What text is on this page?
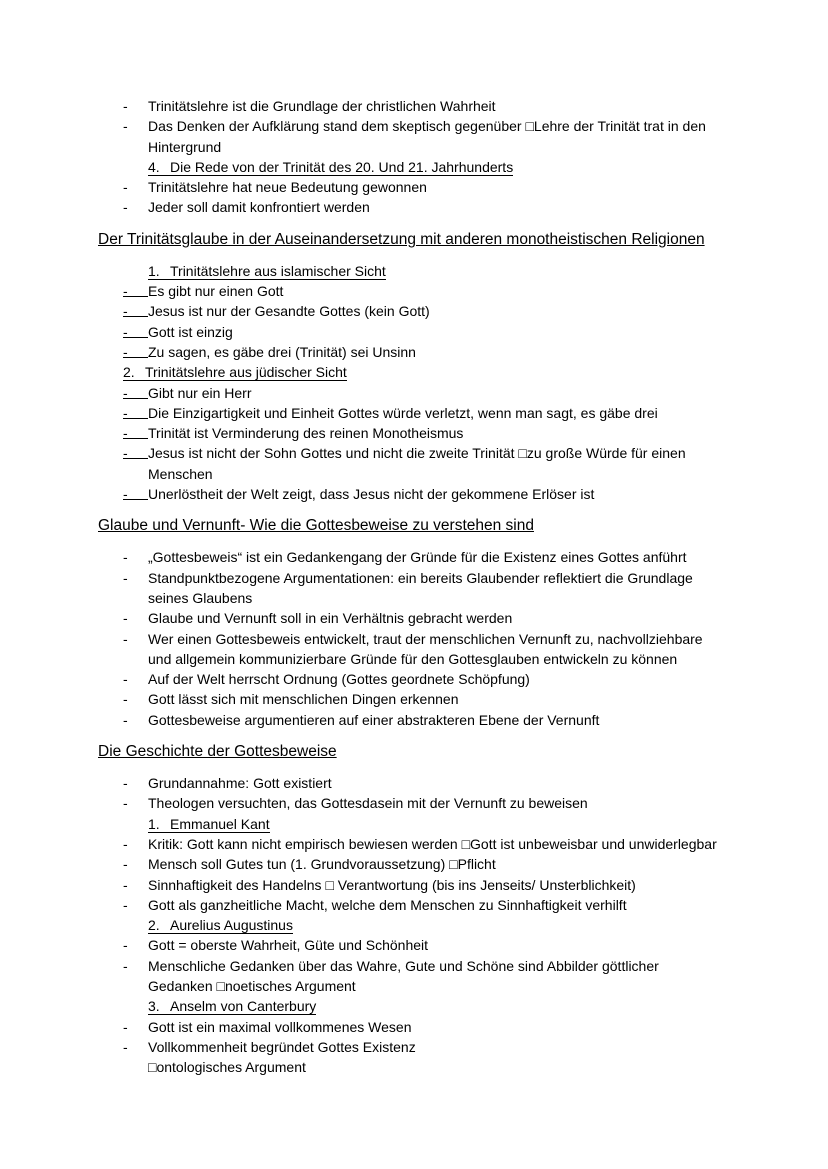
-	Trinitätslehre ist die Grundlage der christlichen Wahrheit
-	Das Denken der Aufklärung stand dem skeptisch gegenüber □Lehre der Trinität trat in den Hintergrund
4. Die Rede von der Trinität des 20. Und 21. Jahrhunderts
-	Trinitätslehre hat neue Bedeutung gewonnen
-	Jeder soll damit konfrontiert werden
Der Trinitätsglaube in der Auseinandersetzung mit anderen monotheistischen Religionen
1. Trinitätslehre aus islamischer Sicht
-	Es gibt nur einen Gott
-	Jesus ist nur der Gesandte Gottes (kein Gott)
-	Gott ist einzig
-	Zu sagen, es gäbe drei (Trinität) sei Unsinn
2. Trinitätslehre aus jüdischer Sicht
-	Gibt nur ein Herr
-	Die Einzigartigkeit und Einheit Gottes würde verletzt, wenn man sagt, es gäbe drei
-	Trinität ist Verminderung des reinen Monotheismus
-	Jesus ist nicht der Sohn Gottes und nicht die zweite Trinität □zu große Würde für einen Menschen
-	Unerlöstheit der Welt zeigt, dass Jesus nicht der gekommene Erlöser ist
Glaube und Vernunft- Wie die Gottesbeweise zu verstehen sind
-	„Gottesbeweis“ ist ein Gedankengang der Gründe für die Existenz eines Gottes anführt
-	Standpunktbezogene Argumentationen: ein bereits Glaubender reflektiert die Grundlage seines Glaubens
-	Glaube und Vernunft soll in ein Verhältnis gebracht werden
-	Wer einen Gottesbeweis entwickelt, traut der menschlichen Vernunft zu, nachvollziehbare und allgemein kommunizierbare Gründe für den Gottesglauben entwickeln zu können
-	Auf der Welt herrscht Ordnung (Gottes geordnete Schöpfung)
-	Gott lässt sich mit menschlichen Dingen erkennen
-	Gottesbeweise argumentieren auf einer abstrakteren Ebene der Vernunft
Die Geschichte der Gottesbeweise
-	Grundannahme: Gott existiert
-	Theologen versuchten, das Gottesdasein mit der Vernunft zu beweisen
1. Emmanuel Kant
-	Kritik: Gott kann nicht empirisch bewiesen werden □Gott ist unbeweisbar und unwiderlegbar
-	Mensch soll Gutes tun (1. Grundvoraussetzung) □Pflicht
-	Sinnhaftigkeit des Handelns □ Verantwortung (bis ins Jenseits/ Unsterblichkeit)
-	Gott als ganzheitliche Macht, welche dem Menschen zu Sinnhaftigkeit verhilft
2. Aurelius Augustinus
-	Gott = oberste Wahrheit, Güte und Schönheit
-	Menschliche Gedanken über das Wahre, Gute und Schöne sind Abbilder göttlicher Gedanken □noetisches Argument
3. Anselm von Canterbury
-	Gott ist ein maximal vollkommenes Wesen
-	Vollkommenheit begründet Gottes Existenz
□ontologisches Argument
